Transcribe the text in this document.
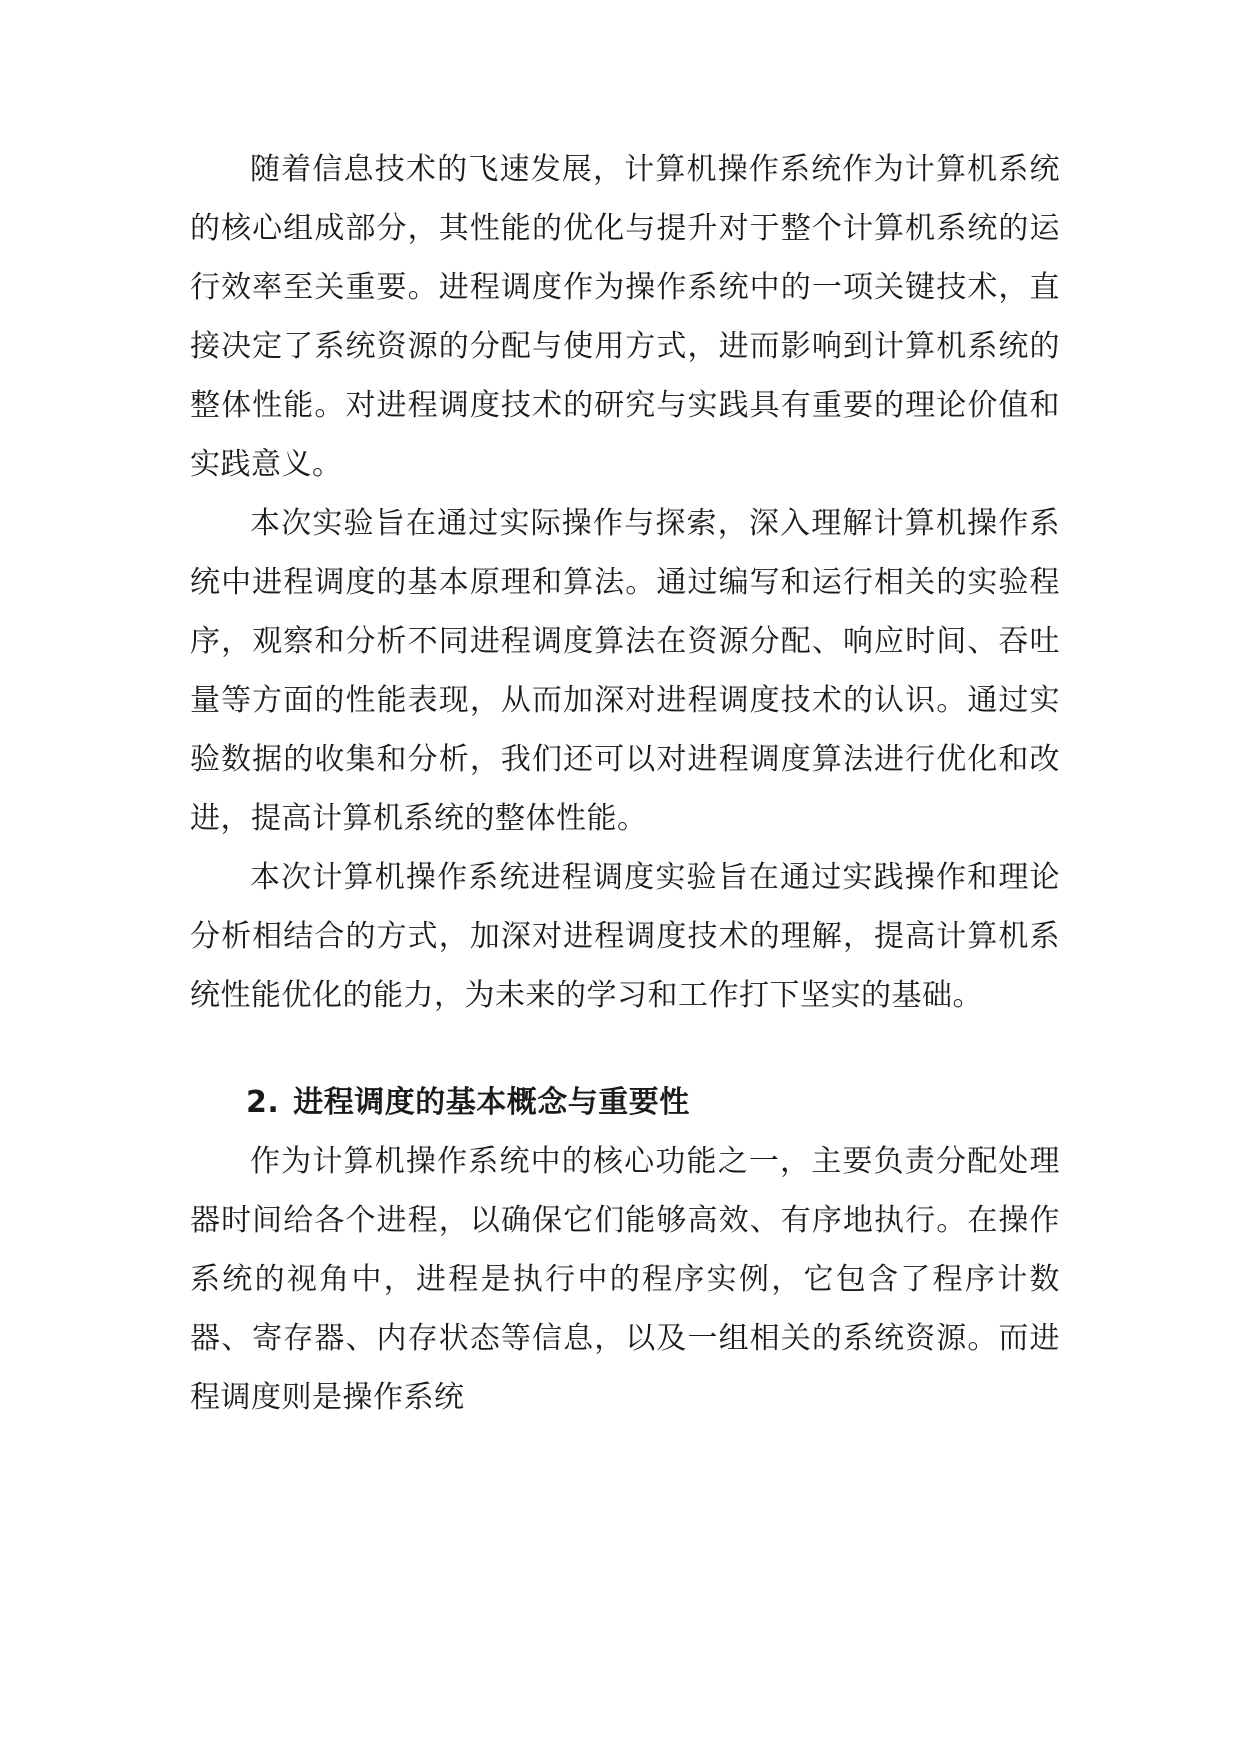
随着信息技术的飞速发展，计算机操作系统作为计算机系统的核心组成部分，其性能的优化与提升对于整个计算机系统的运行效率至关重要。进程调度作为操作系统中的一项关键技术，直接决定了系统资源的分配与使用方式，进而影响到计算机系统的整体性能。对进程调度技术的研究与实践具有重要的理论价值和实践意义。

本次实验旨在通过实际操作与探索，深入理解计算机操作系统中进程调度的基本原理和算法。通过编写和运行相关的实验程序，观察和分析不同进程调度算法在资源分配、响应时间、吞吐量等方面的性能表现，从而加深对进程调度技术的认识。通过实验数据的收集和分析，我们还可以对进程调度算法进行优化和改进，提高计算机系统的整体性能。

本次计算机操作系统进程调度实验旨在通过实践操作和理论分析相结合的方式，加深对进程调度技术的理解，提高计算机系统性能优化的能力，为未来的学习和工作打下坚实的基础。

2. 进程调度的基本概念与重要性

作为计算机操作系统中的核心功能之一，主要负责分配处理器时间给各个进程，以确保它们能够高效、有序地执行。在操作系统的视角中，进程是执行中的程序实例，它包含了程序计数器、寄存器、内存状态等信息，以及一组相关的系统资源。而进程调度则是操作系统
